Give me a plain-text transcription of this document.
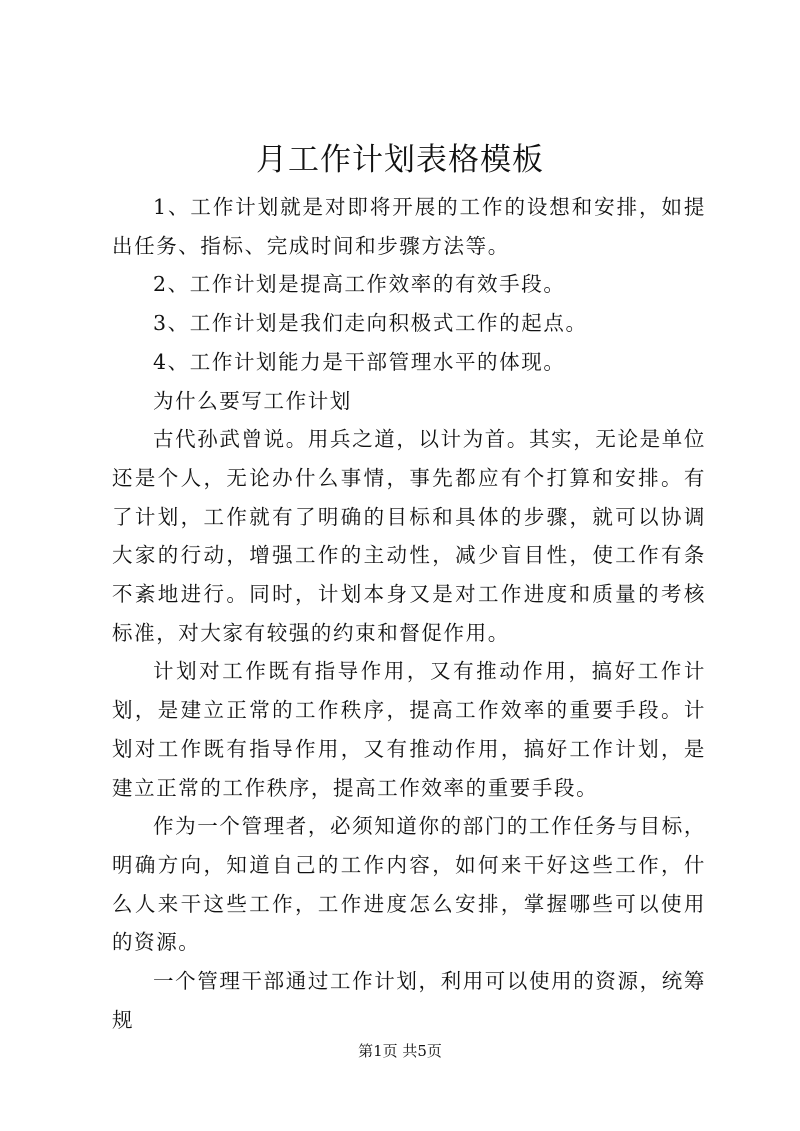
月工作计划表格模板

1、工作计划就是对即将开展的工作的设想和安排，如提出任务、指标、完成时间和步骤方法等。

2、工作计划是提高工作效率的有效手段。

3、工作计划是我们走向积极式工作的起点。

4、工作计划能力是干部管理水平的体现。

为什么要写工作计划

古代孙武曾说。用兵之道，以计为首。其实，无论是单位还是个人，无论办什么事情，事先都应有个打算和安排。有了计划，工作就有了明确的目标和具体的步骤，就可以协调大家的行动，增强工作的主动性，减少盲目性，使工作有条不紊地进行。同时，计划本身又是对工作进度和质量的考核标准，对大家有较强的约束和督促作用。

计划对工作既有指导作用，又有推动作用，搞好工作计划，是建立正常的工作秩序，提高工作效率的重要手段。计划对工作既有指导作用，又有推动作用，搞好工作计划，是建立正常的工作秩序，提高工作效率的重要手段。

作为一个管理者，必须知道你的部门的工作任务与目标，明确方向，知道自己的工作内容，如何来干好这些工作，什么人来干这些工作，工作进度怎么安排，掌握哪些可以使用的资源。

一个管理干部通过工作计划，利用可以使用的资源，统筹规

第1页 共5页
